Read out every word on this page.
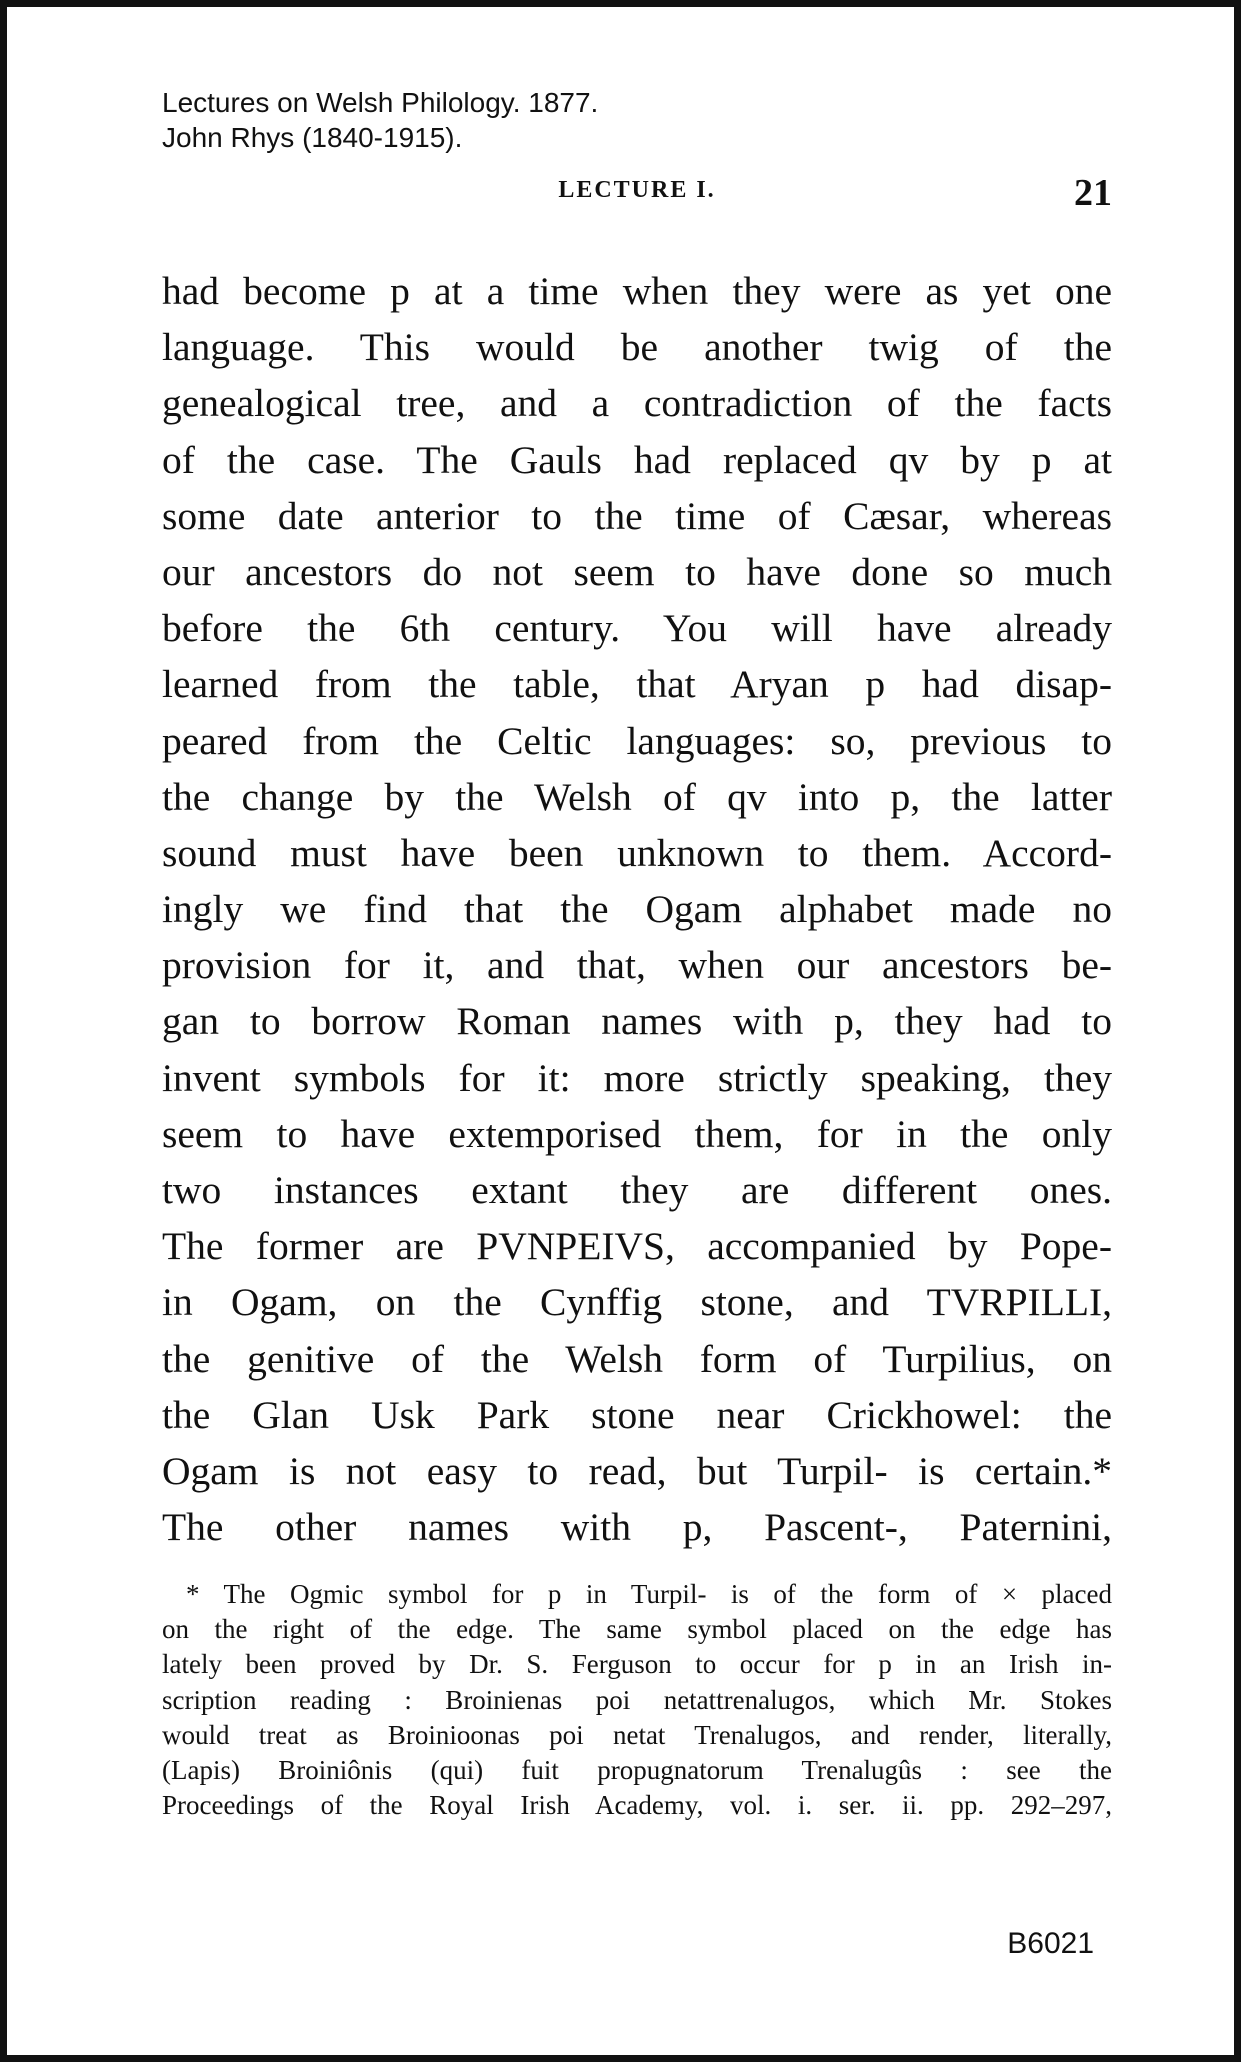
Lectures on Welsh Philology. 1877.
John Rhys (1840-1915).
LECTURE I.	21
had become p at a time when they were as yet one
language. This would be another twig of the
genealogical tree, and a contradiction of the facts
of the case. The Gauls had replaced qv by p at
some date anterior to the time of Cæsar, whereas
our ancestors do not seem to have done so much
before the 6th century. You will have already
learned from the table, that Aryan p had disap-
peared from the Celtic languages: so, previous to
the change by the Welsh of qv into p, the latter
sound must have been unknown to them. Accord-
ingly we find that the Ogam alphabet made no
provision for it, and that, when our ancestors be-
gan to borrow Roman names with p, they had to
invent symbols for it: more strictly speaking, they
seem to have extemporised them, for in the only
two instances extant they are different ones.
The former are PVNPEIVS, accompanied by Pope-
in Ogam, on the Cynffig stone, and TVRPILLI,
the genitive of the Welsh form of Turpilius, on
the Glan Usk Park stone near Crickhowel: the
Ogam is not easy to read, but Turpil- is certain.*
The other names with p, Pascent-, Paternini,
* The Ogmic symbol for p in Turpil- is of the form of × placed
on the right of the edge. The same symbol placed on the edge has
lately been proved by Dr. S. Ferguson to occur for p in an Irish in-
scription reading : Broinienas poi netattrenalugos, which Mr. Stokes
would treat as Broinioonas poi netat Trenalugos, and render, literally,
(Lapis) Broiniônis (qui) fuit propugnatorum Trenalugûs : see the
Proceedings of the Royal Irish Academy, vol. i. ser. ii. pp. 292–297,
B6021
